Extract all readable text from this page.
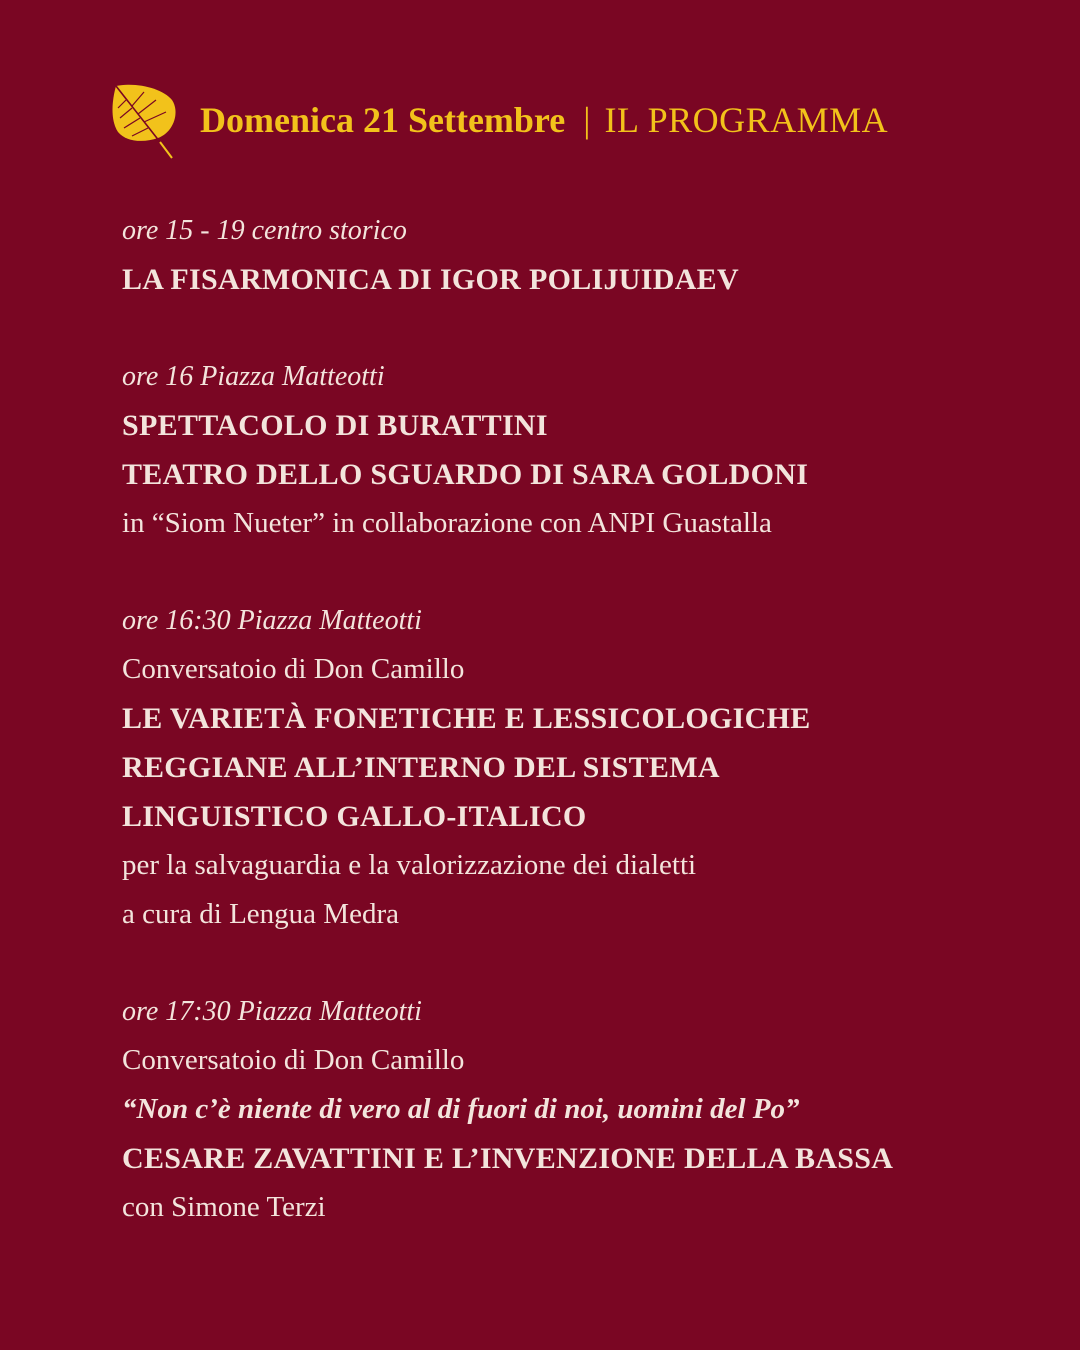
Domenica 21 Settembre | IL PROGRAMMA
ore 15 - 19 centro storico
LA FISARMONICA DI IGOR POLIJUIDAEV
ore 16 Piazza Matteotti
SPETTACOLO DI BURATTINI
TEATRO DELLO SGUARDO DI SARA GOLDONI
in “Siom Nueter” in collaborazione con ANPI Guastalla
ore 16:30 Piazza Matteotti
Conversatoio di Don Camillo
LE VARIETÀ FONETICHE E LESSICOLOGICHE
REGGIANE ALL’INTERNO DEL SISTEMA
LINGUISTICO GALLO-ITALICO
per la salvaguardia e la valorizzazione dei dialetti
a cura di Lengua Medra
ore 17:30 Piazza Matteotti
Conversatoio di Don Camillo
“Non c’è niente di vero al di fuori di noi, uomini del Po”
CESARE ZAVATTINI E L’INVENZIONE DELLA BASSA
con Simone Terzi
